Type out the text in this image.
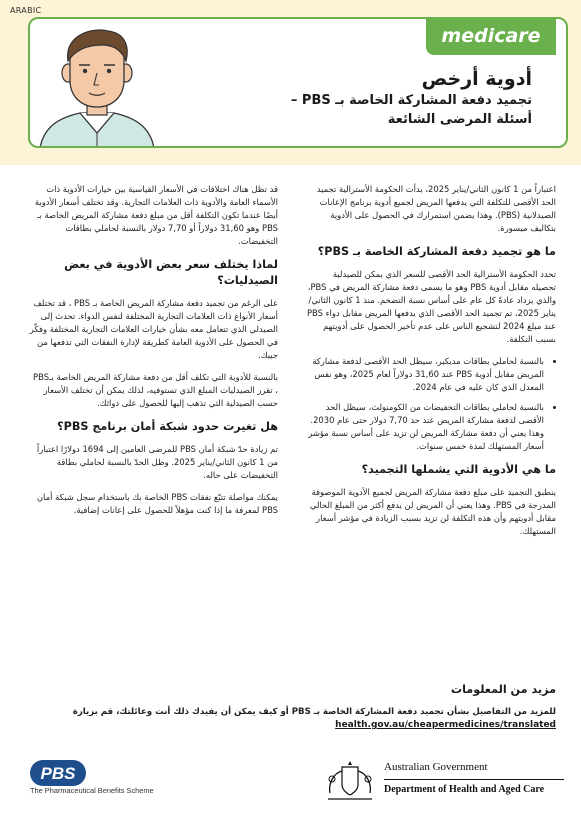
ARABIC
medicare
أدوية أرخص
تجميد دفعة المشاركة الخاصة بـ PBS –
أسئلة المرضى الشائعة

اعتباراً من 1 كانون الثاني/يناير 2025، بدأت الحكومة الأسترالية تجميد الحد الأقصى للتكلفة التي يدفعها المريض لجميع أدوية برنامج الإعانات الصيدلانية (PBS). وهذا يضمن استمرارك في الحصول على الأدوية بتكاليف ميسورة.

ما هو تجميد دفعة المشاركة الخاصة بـ PBS؟

تحدد الحكومة الأسترالية الحد الأقصى للسعر الذي يمكن للصيدلية تحصيله مقابل أدوية PBS وهو ما يسمى دفعة مشاركة المريض في PBS، والذي يزداد عادةً كل عام على أساس نسبة التضخم. منذ 1 كانون الثاني/يناير 2025، تم تجميد الحد الأقصى الذي يدفعها المريض مقابل دواء PBS عند مبلغ 2024 لتشجيع الناس على عدم تأخير الحصول على أدويتهم بسبب التكلفة.

• بالنسبة لحاملي بطاقات مديكير، سيظل الحد الأقصى لدفعة مشاركة المريض مقابل أدوية PBS عند 31,60 دولاراً لعام 2025، وهو نفس المعدل الذي كان عليه في عام 2024.
• بالنسبة لحاملي بطاقات التخفيضات من الكومنولث، سيظل الحد الأقصى لدفعة مشاركة المريض عند حد 7,70 دولار حتى عام 2030. وهذا يعني أن دفعة مشاركة المريض لن تزيد على أساس نسبة مؤشر أسعار المستهلك لمدة خمس سنوات.
ما هي الأدوية التي يشملها التجميد؟

ينطبق التجميد على مبلغ دفعة مشاركة المريض لجميع الأدوية الموصوفة المدرجة في PBS. وهذا يعني أن المريض لن يدفع أكثر من المبلغ الحالي مقابل أدويتهم وأن هذه التكلفة لن تزيد بسبب الزيادة في مؤشر أسعار المستهلك.

قد تظل هناك اختلافات في الأسعار القياسية بين خيارات الأدوية ذات الأسماء العامة والأدوية ذات العلامات التجارية. وقد تختلف أسعار الأدوية أيضًا عندما تكون التكلفة أقل من مبلغ دفعة مشاركة المريض الخاصة بـ PBS وهو 31,60 دولاراً أو 7,70 دولار بالنسبة لحاملي بطاقات التخفيضات.

لماذا يختلف سعر بعض الأدوية في بعض الصيدليات؟

على الرغم من تجميد دفعة مشاركة المريض الخاصة بـ PBS ، قد تختلف أسعار الأنواع ذات العلامات التجارية المختلفة لنفس الدواء. تحدث إلى الصيدلي الذي تتعامل معه بشأن خيارات العلامات التجارية المختلفة وفكّر في الحصول على الأدوية العامة كطريقة لإدارة النفقات التي تدفعها من جيبك.

بالنسبة للأدوية التي تكلف أقل من دفعة مشاركة المريض الخاصة بـPBS ، تقرر الصيدليات المبلغ الذي تستوفيه، لذلك يمكن أن تختلف الأسعار حسب الصيدلية التي تذهب إليها للحصول على دوائك.

هل تغيرت حدود شبكة أمان برنامج PBS؟

تم زيادة حدّ شبكة أمان PBS للمرضى العامين إلى 1694 دولارًا اعتباراً من 1 كانون الثاني/يناير 2025. وظل الحدّ بالنسبة لحاملي بطاقة التخفيضات على حاله.

يمكنك مواصلة تتبّع نفقات PBS الخاصة بك باستخدام سجل شبكة أمان PBS لمعرفة ما إذا كنت مؤهلاً للحصول على إعانات إضافية.

مزيد من المعلومات

للمزيد من التفاصيل بشأن تجميد دفعة المشاركة الخاصة بـ PBS أو كيف يمكن أن يفيدك ذلك أنت وعائلتك، قم بزيارة

health.gov.au/cheapermedicines/translated

PBS
The Pharmaceutical Benefits Scheme
Australian Government
Department of Health and Aged Care
